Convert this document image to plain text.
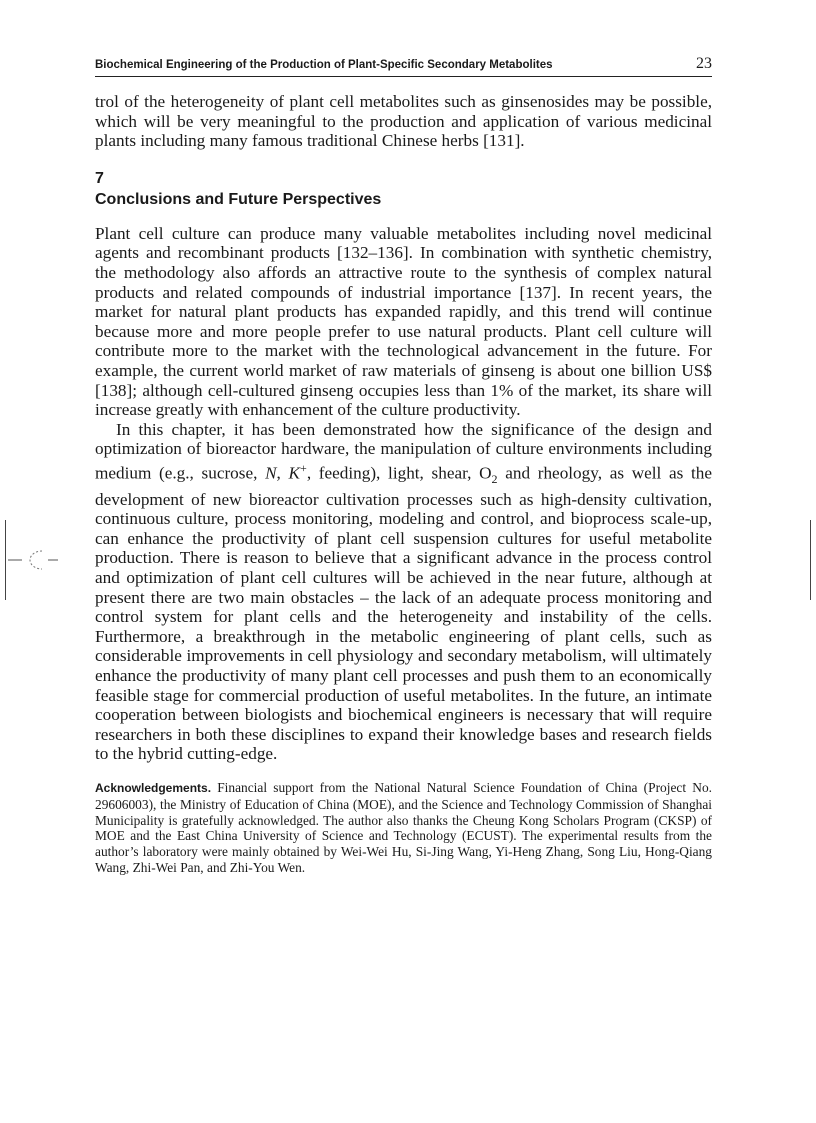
Biochemical Engineering of the Production of Plant-Specific Secondary Metabolites	23

trol of the heterogeneity of plant cell metabolites such as ginsenosides may be possible, which will be very meaningful to the production and application of various medicinal plants including many famous traditional Chinese herbs [131].

7
Conclusions and Future Perspectives

Plant cell culture can produce many valuable metabolites including novel medicinal agents and recombinant products [132–136]. In combination with synthetic chemistry, the methodology also affords an attractive route to the synthesis of complex natural products and related compounds of industrial importance [137]. In recent years, the market for natural plant products has expanded rapidly, and this trend will continue because more and more people prefer to use natural products. Plant cell culture will contribute more to the market with the technological advancement in the future. For example, the current world market of raw materials of ginseng is about one billion US$ [138]; although cell-cultured ginseng occupies less than 1% of the market, its share will increase greatly with enhancement of the culture productivity.

In this chapter, it has been demonstrated how the significance of the design and optimization of bioreactor hardware, the manipulation of culture environments including medium (e.g., sucrose, N, K+, feeding), light, shear, $O_2$ and rheology, as well as the development of new bioreactor cultivation processes such as high-density cultivation, continuous culture, process monitoring, modeling and control, and bioprocess scale-up, can enhance the productivity of plant cell suspension cultures for useful metabolite production. There is reason to believe that a significant advance in the process control and optimization of plant cell cultures will be achieved in the near future, although at present there are two main obstacles – the lack of an adequate process monitoring and control system for plant cells and the heterogeneity and instability of the cells. Furthermore, a breakthrough in the metabolic engineering of plant cells, such as considerable improvements in cell physiology and secondary metabolism, will ultimately enhance the productivity of many plant cell processes and push them to an economically feasible stage for commercial production of useful metabolites. In the future, an intimate cooperation between biologists and biochemical engineers is necessary that will require researchers in both these disciplines to expand their knowledge bases and research fields to the hybrid cutting-edge.

Acknowledgements. Financial support from the National Natural Science Foundation of China (Project No. 29606003), the Ministry of Education of China (MOE), and the Science and Technology Commission of Shanghai Municipality is gratefully acknowledged. The author also thanks the Cheung Kong Scholars Program (CKSP) of MOE and the East China University of Science and Technology (ECUST). The experimental results from the author’s laboratory were mainly obtained by Wei-Wei Hu, Si-Jing Wang, Yi-Heng Zhang, Song Liu, Hong-Qiang Wang, Zhi-Wei Pan, and Zhi-You Wen.
